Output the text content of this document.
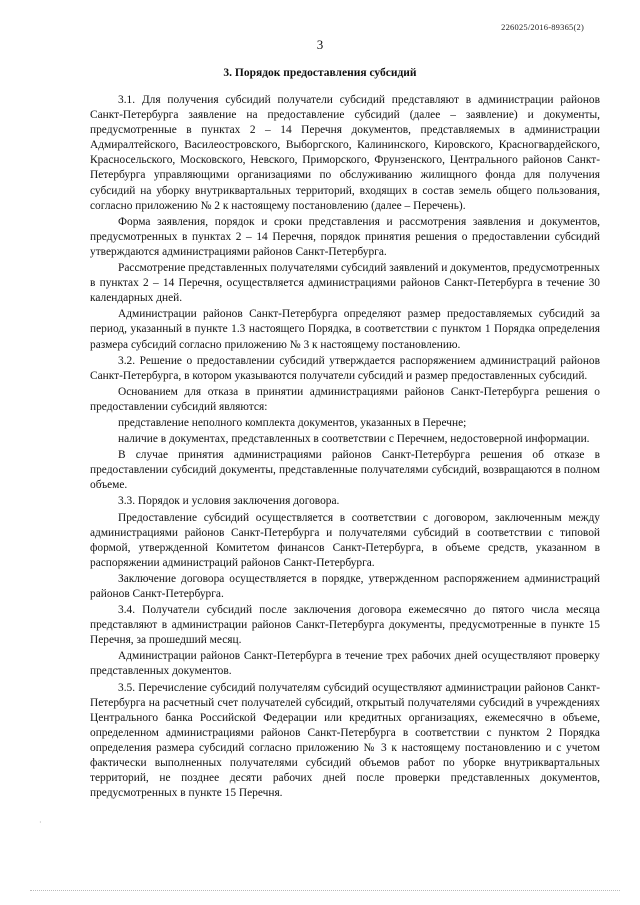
226025/2016-89365(2)
3
3. Порядок предоставления субсидий

3.1. Для получения субсидий получатели субсидий представляют в администрации районов Санкт-Петербурга заявление на предоставление субсидий (далее – заявление) и документы, предусмотренные в пунктах 2 – 14 Перечня документов, представляемых в администрации Адмиралтейского, Василеостровского, Выборгского, Калининского, Кировского, Красногвардейского, Красносельского, Московского, Невского, Приморского, Фрунзенского, Центрального районов Санкт-Петербурга управляющими организациями по обслуживанию жилищного фонда для получения субсидий на уборку внутриквартальных территорий, входящих в состав земель общего пользования, согласно приложению № 2 к настоящему постановлению (далее – Перечень).

Форма заявления, порядок и сроки представления и рассмотрения заявления и документов, предусмотренных в пунктах 2 – 14 Перечня, порядок принятия решения о предоставлении субсидий утверждаются администрациями районов Санкт-Петербурга.

Рассмотрение представленных получателями субсидий заявлений и документов, предусмотренных в пунктах 2 – 14 Перечня, осуществляется администрациями районов Санкт-Петербурга в течение 30 календарных дней.

Администрации районов Санкт-Петербурга определяют размер предоставляемых субсидий за период, указанный в пункте 1.3 настоящего Порядка, в соответствии с пунктом 1 Порядка определения размера субсидий согласно приложению № 3 к настоящему постановлению.

3.2. Решение о предоставлении субсидий утверждается распоряжением администраций районов Санкт-Петербурга, в котором указываются получатели субсидий и размер предоставленных субсидий.

Основанием для отказа в принятии администрациями районов Санкт-Петербурга решения о предоставлении субсидий являются:

представление неполного комплекта документов, указанных в Перечне;

наличие в документах, представленных в соответствии с Перечнем, недостоверной информации.

В случае принятия администрациями районов Санкт-Петербурга решения об отказе в предоставлении субсидий документы, представленные получателями субсидий, возвращаются в полном объеме.

3.3. Порядок и условия заключения договора.

Предоставление субсидий осуществляется в соответствии с договором, заключенным между администрациями районов Санкт-Петербурга и получателями субсидий в соответствии с типовой формой, утвержденной Комитетом финансов Санкт-Петербурга, в объеме средств, указанном в распоряжении администраций районов Санкт-Петербурга.

Заключение договора осуществляется в порядке, утвержденном распоряжением администраций районов Санкт-Петербурга.

3.4. Получатели субсидий после заключения договора ежемесячно до пятого числа месяца представляют в администрации районов Санкт-Петербурга документы, предусмотренные в пункте 15 Перечня, за прошедший месяц.

Администрации районов Санкт-Петербурга в течение трех рабочих дней осуществляют проверку представленных документов.

3.5. Перечисление субсидий получателям субсидий осуществляют администрации районов Санкт-Петербурга на расчетный счет получателей субсидий, открытый получателями субсидий в учреждениях Центрального банка Российской Федерации или кредитных организациях, ежемесячно в объеме, определенном администрациями районов Санкт-Петербурга в соответствии с пунктом 2 Порядка определения размера субсидий согласно приложению № 3 к настоящему постановлению и с учетом фактически выполненных получателями субсидий объемов работ по уборке внутриквартальных территорий, не позднее десяти рабочих дней после проверки представленных документов, предусмотренных в пункте 15 Перечня.

·
